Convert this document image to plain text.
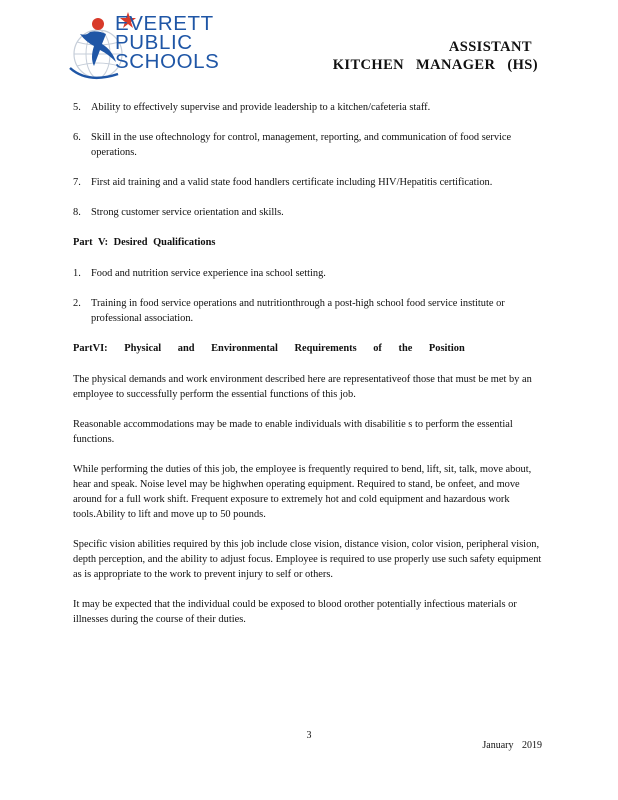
EVERETT
PUBLIC
SCHOOLS
ASSISTANT
KITCHEN MANAGER (HS)
5. Ability to effectively supervise and provide leadership to a kitchen/cafeteria staff.
6. Skill in the use oftechnology for control, management, reporting, and communication of food service operations.
7. First aid training and a valid state food handlers certificate including HIV/Hepatitis certification.
8. Strong customer service orientation and skills.
Part V: Desired Qualifications
1. Food and nutrition service experience ina school setting.
2. Training in food service operations and nutritionthrough a post-high school food service institute or professional association.
PartVI: Physical and Environmental Requirements of the Position
The physical demands and work environment described here are representativeof those that must be met by an employee to successfully perform the essential functions of this job.
Reasonable accommodations may be made to enable individuals with disabilitie s to perform the essential functions.
While performing the duties of this job, the employee is frequently required to bend, lift, sit, talk, move about, hear and speak. Noise level may be highwhen operating equipment. Required to stand, be onfeet, and move around for a full work shift. Frequent exposure to extremely hot and cold equipment and hazardous work tools.Ability to lift and move up to 50 pounds.
Specific vision abilities required by this job include close vision, distance vision, color vision, peripheral vision, depth perception, and the ability to adjust focus. Employee is required to use properly use such safety equipment as is appropriate to the work to prevent injury to self or others.
It may be expected that the individual could be exposed to blood orother potentially infectious materials or illnesses during the course of their duties.
3
January 2019
